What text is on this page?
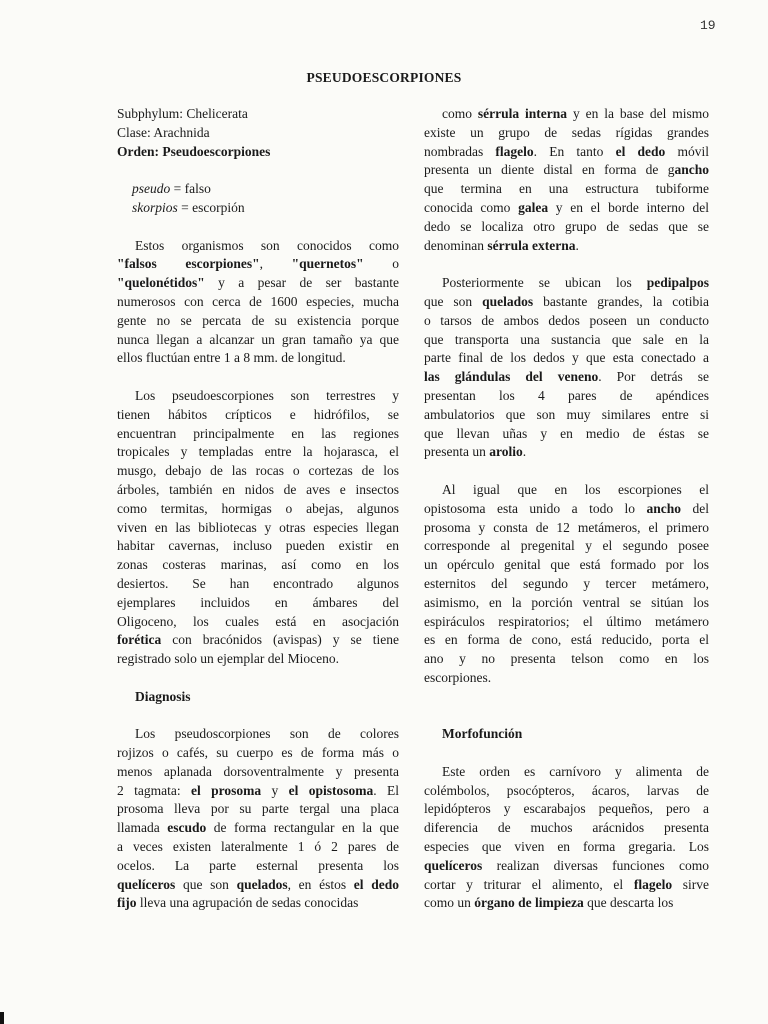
19
PSEUDOESCORPIONES
Subphylum: Chelicerata
Clase: Arachnida
Orden: Pseudoescorpiones
pseudo = falso
skorpios = escorpión
Estos organismos son conocidos como
"falsos escorpiones", "quernetos" o
"quelonétidos" y a pesar de ser bastante
numerosos con cerca de 1600 especies, mucha
gente no se percata de su existencia porque
nunca llegan a alcanzar un gran tamaño ya que
ellos fluctúan entre 1 a 8 mm. de longitud.
Los pseudoescorpiones son terrestres y
tienen hábitos crípticos e hidrófilos, se
encuentran principalmente en las regiones
tropicales y templadas entre la hojarasca, el
musgo, debajo de las rocas o cortezas de los
árboles, también en nidos de aves e insectos
como termitas, hormigas o abejas, algunos
viven en las bibliotecas y otras especies llegan
habitar cavernas, incluso pueden existir en
zonas costeras marinas, así como en los
desiertos. Se han encontrado algunos
ejemplares incluidos en ámbares del
Oligoceno, los cuales está en asocjación
forética con bracónidos (avispas) y se tiene
registrado solo un ejemplar del Mioceno.
Diagnosis
Los pseudoscorpiones son de colores
rojizos o cafés, su cuerpo es de forma más o
menos aplanada dorsoventralmente y presenta
2 tagmata: el prosoma y el opistosoma. El
prosoma lleva por su parte tergal una placa
llamada escudo de forma rectangular en la que
a veces existen lateralmente 1 ó 2 pares de
ocelos. La parte esternal presenta los
quelíceros que son quelados, en éstos el dedo
fijo lleva una agrupación de sedas conocidas
como sérrula interna y en la base del mismo
existe un grupo de sedas rígidas grandes
nombradas flagelo. En tanto el dedo móvil
presenta un diente distal en forma de gancho
que termina en una estructura tubiforme
conocida como galea y en el borde interno del
dedo se localiza otro grupo de sedas que se
denominan sérrula externa.
Posteriormente se ubican los pedipalpos
que son quelados bastante grandes, la cotibia
o tarsos de ambos dedos poseen un conducto
que transporta una sustancia que sale en la
parte final de los dedos y que esta conectado a
las glándulas del veneno. Por detrás se
presentan los 4 pares de apéndices
ambulatorios que son muy similares entre si
que llevan uñas y en medio de éstas se
presenta un arolio.
Al igual que en los escorpiones el
opistosoma esta unido a todo lo ancho del
prosoma y consta de 12 metámeros, el primero
corresponde al pregenital y el segundo posee
un opérculo genital que está formado por los
esternitos del segundo y tercer metámero,
asimismo, en la porción ventral se sitúan los
espiráculos respiratorios; el último metámero
es en forma de cono, está reducido, porta el
ano y no presenta telson como en los
escorpiones.
Morfofunción
Este orden es carnívoro y alimenta de
colémbolos, psocópteros, ácaros, larvas de
lepidópteros y escarabajos pequeños, pero a
diferencia de muchos arácnidos presenta
especies que viven en forma gregaria. Los
quelíceros realizan diversas funciones como
cortar y triturar el alimento, el flagelo sirve
como un órgano de limpieza que descarta los
